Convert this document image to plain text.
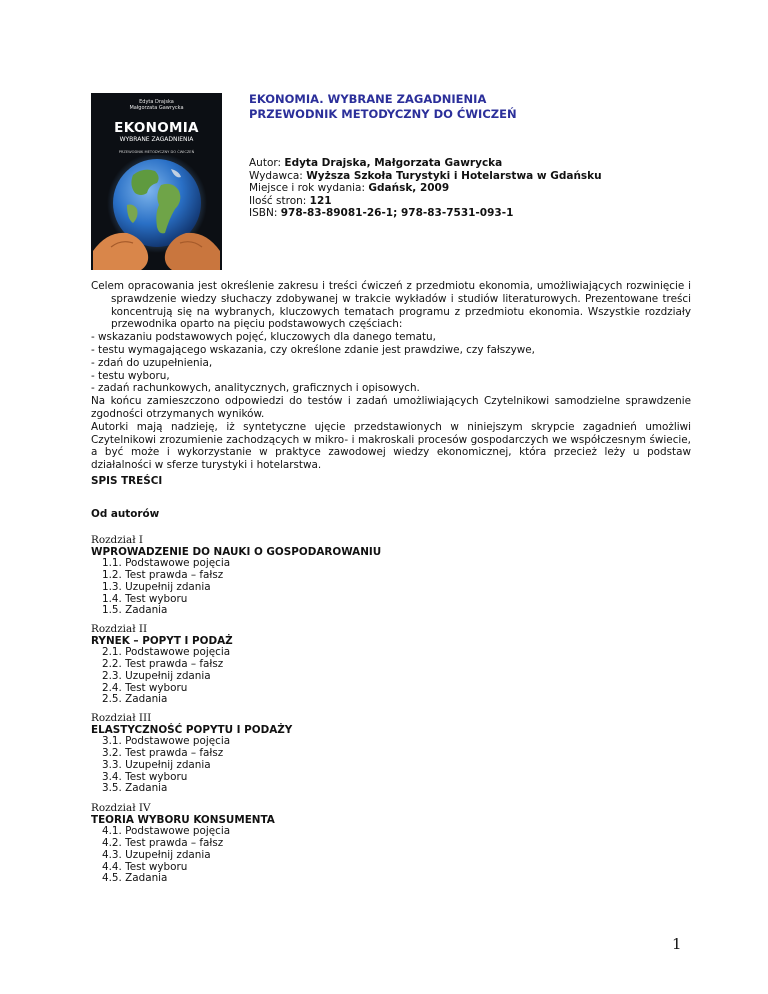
Edyta Drajska
Małgorzata Gawrycka
EKONOMIA
WYBRANE ZAGADNIENIA
PRZEWODNIK METODYCZNY DO ĆWICZEŃ
EKONOMIA. WYBRANE ZAGADNIENIA
PRZEWODNIK METODYCZNY DO ĆWICZEŃ
Autor: Edyta Drajska, Małgorzata Gawrycka
Wydawca: Wyższa Szkoła Turystyki i Hotelarstwa w Gdańsku
Miejsce i rok wydania: Gdańsk, 2009
Ilość stron: 121
ISBN: 978-83-89081-26-1; 978-83-7531-093-1

Celem opracowania jest określenie zakresu i treści ćwiczeń z przedmiotu ekonomia, umożliwiających rozwinięcie i sprawdzenie wiedzy słuchaczy zdobywanej w trakcie wykładów i studiów literaturowych. Prezentowane treści koncentrują się na wybranych, kluczowych tematach programu z przedmiotu ekonomia. Wszystkie rozdziały przewodnika oparto na pięciu podstawowych częściach:

- wskazaniu podstawowych pojęć, kluczowych dla danego tematu,

- testu wymagającego wskazania, czy określone zdanie jest prawdziwe, czy fałszywe,

- zdań do uzupełnienia,

- testu wyboru,

- zadań rachunkowych, analitycznych, graficznych i opisowych.

Na końcu zamieszczono odpowiedzi do testów i zadań umożliwiających Czytelnikowi samodzielne sprawdzenie zgodności otrzymanych wyników.

Autorki mają nadzieję, iż syntetyczne ujęcie przedstawionych w niniejszym skrypcie zagadnień umożliwi Czytelnikowi zrozumienie zachodzących w mikro- i makroskali procesów gospodarczych we współczesnym świecie, a być może i wykorzystanie w praktyce zawodowej wiedzy ekonomicznej, która przecież leży u podstaw działalności w sferze turystyki i hotelarstwa.

SPIS TREŚCI
Od autorów
Rozdział I
WPROWADZENIE DO NAUKI O GOSPODAROWANIU
1.1. Podstawowe pojęcia
1.2. Test prawda – fałsz
1.3. Uzupełnij zdania
1.4. Test wyboru
1.5. Zadania
Rozdział II
RYNEK – POPYT I PODAŻ
2.1. Podstawowe pojęcia
2.2. Test prawda – fałsz
2.3. Uzupełnij zdania
2.4. Test wyboru
2.5. Zadania
Rozdział III
ELASTYCZNOŚĆ POPYTU I PODAŻY
3.1. Podstawowe pojęcia
3.2. Test prawda – fałsz
3.3. Uzupełnij zdania
3.4. Test wyboru
3.5. Zadania
Rozdział IV
TEORIA WYBORU KONSUMENTA
4.1. Podstawowe pojęcia
4.2. Test prawda – fałsz
4.3. Uzupełnij zdania
4.4. Test wyboru
4.5. Zadania
1
